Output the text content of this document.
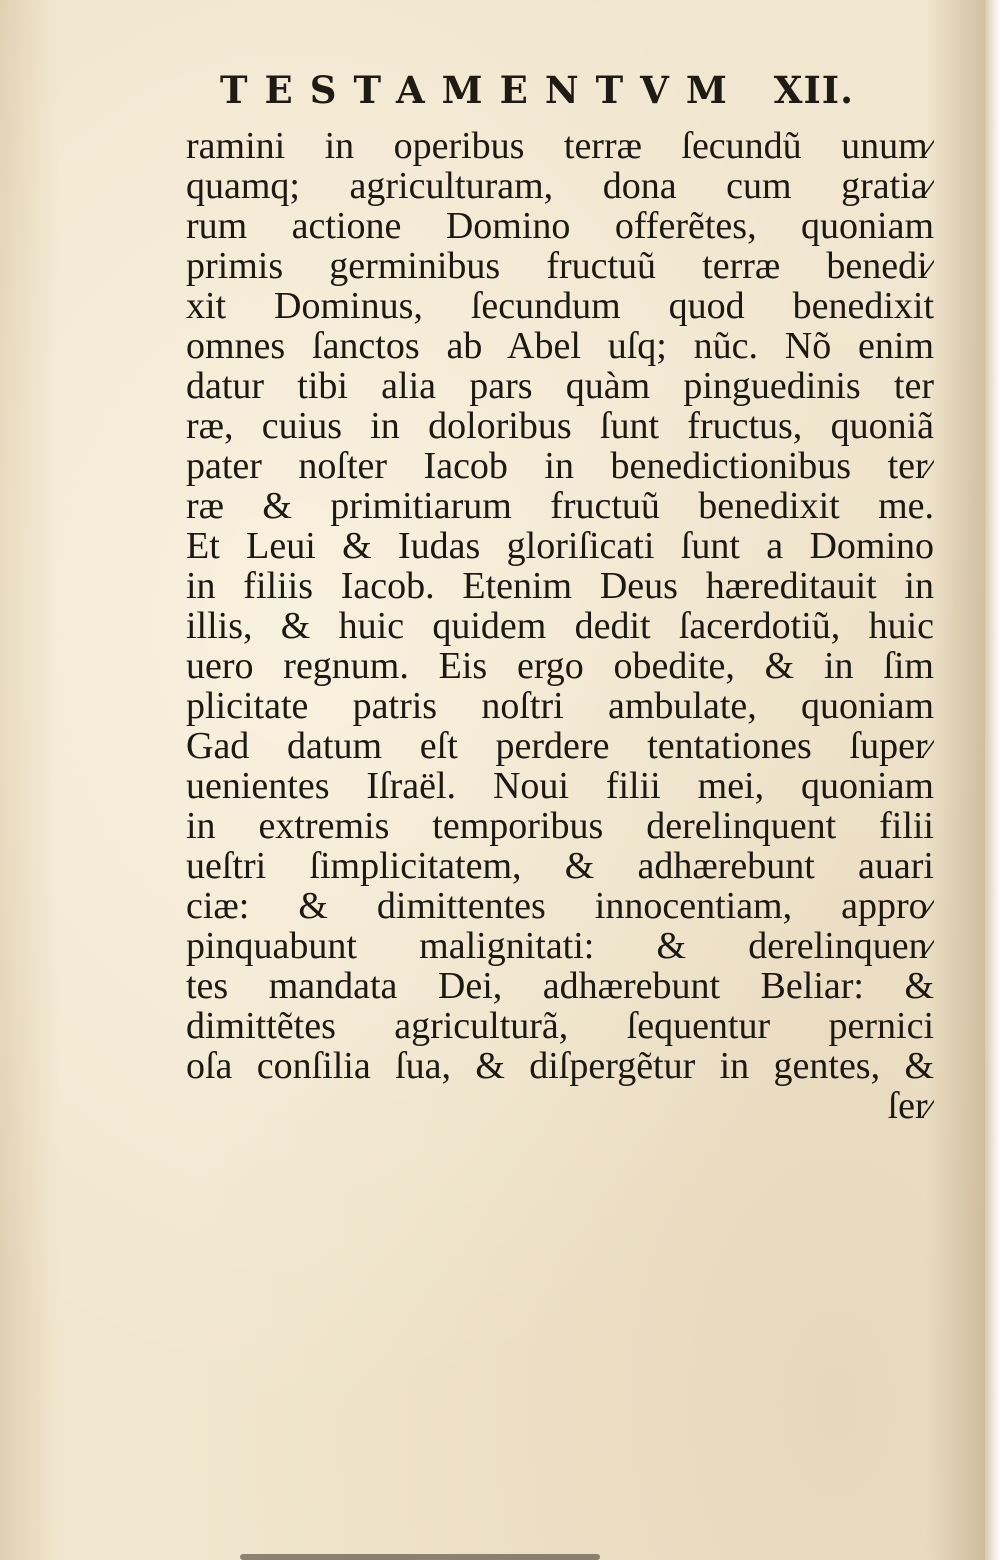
TESTAMENTVM XII.
ramini in operibus terræ ſecundũ unum⁄
quamq; agriculturam, dona cum gratia⁄
rum actione Domino offerẽtes, quoniam
primis germinibus fructuũ terræ benedi⁄
xit Dominus, ſecundum quod benedixit
omnes ſanctos ab Abel uſq; nũc. Nõ enim
datur tibi alia pars quàm pinguedinis ter
ræ, cuius in doloribus ſunt fructus, quoniã
pater noſter Iacob in benedictionibus ter⁄
ræ & primitiarum fructuũ benedixit me.
Et Leui & Iudas gloriſicati ſunt a Domino
in filiis Iacob. Etenim Deus hæreditauit in
illis, & huic quidem dedit ſacerdotiũ, huic
uero regnum. Eis ergo obedite, & in ſim
plicitate patris noſtri ambulate, quoniam
Gad datum eſt perdere tentationes ſuper⁄
uenientes Iſraël. Noui filii mei, quoniam
in extremis temporibus derelinquent filii
ueſtri ſimplicitatem, & adhærebunt auari
ciæ: & dimittentes innocentiam, appro⁄
pinquabunt malignitati: & derelinquen⁄
tes mandata Dei, adhærebunt Beliar: &
dimittẽtes agriculturã, ſequentur pernici
oſa conſilia ſua, & diſpergẽtur in gentes, &
ſer⁄
